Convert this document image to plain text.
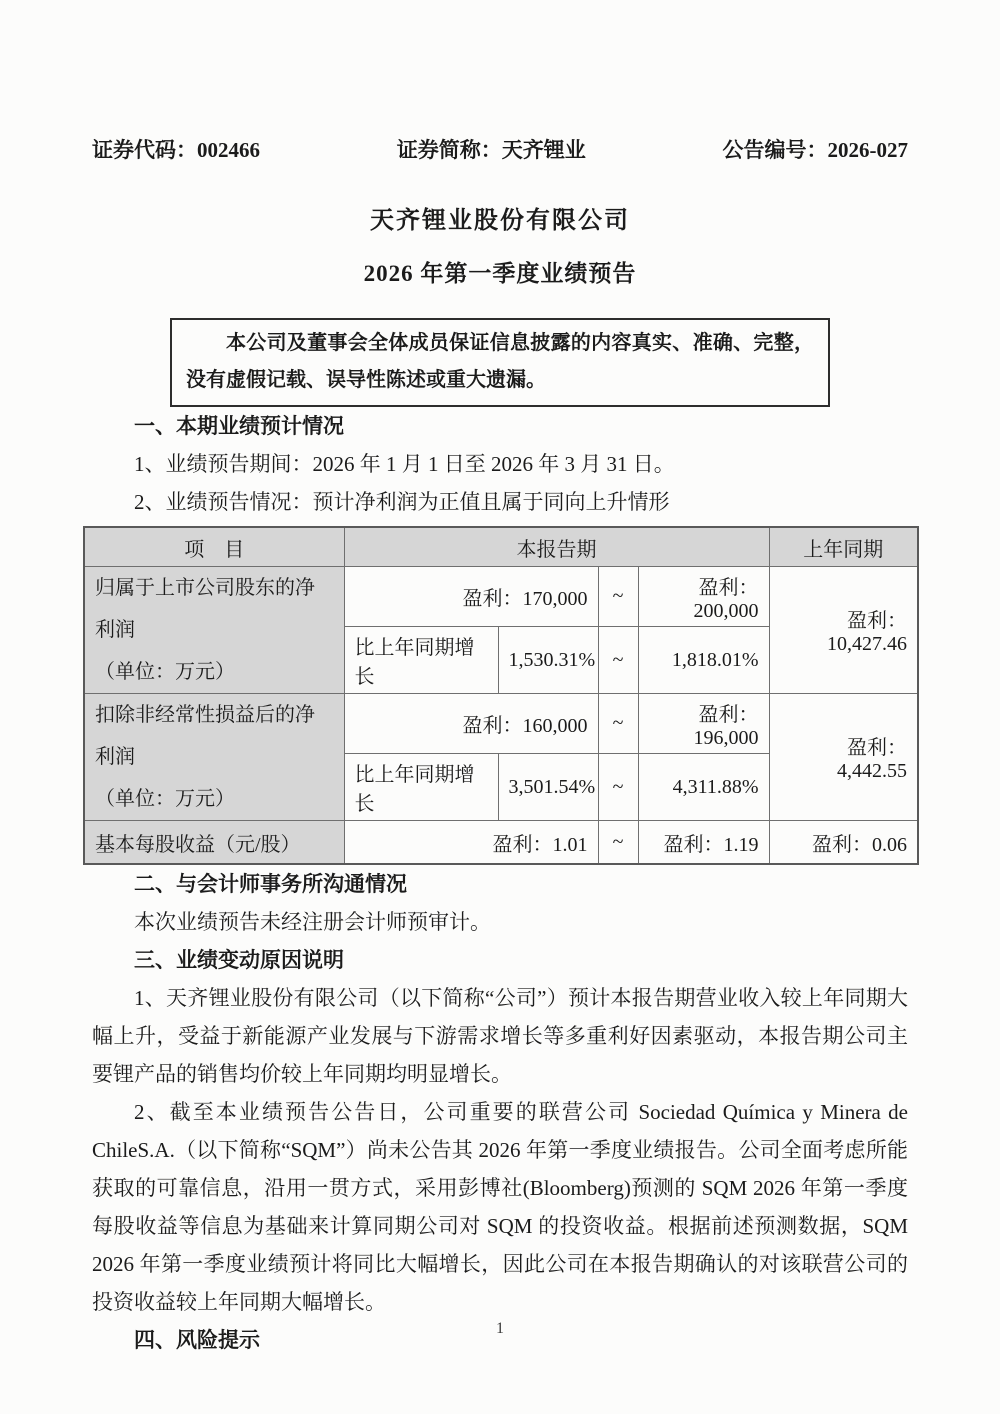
证券代码：002466	证券简称：天齐锂业	公告编号：2026-027
天齐锂业股份有限公司
2026 年第一季度业绩预告
本公司及董事会全体成员保证信息披露的内容真实、准确、完整，没有虚假记载、误导性陈述或重大遗漏。

一、本期业绩预计情况

1、业绩预告期间：2026 年 1 月 1 日至 2026 年 3 月 31 日。

2、业绩预告情况：预计净利润为正值且属于同向上升情形

项　目	本报告期				上年同期

归属于上市公司股东的净利润
（单位：万元）	盈利：170,000		~	盈利：200,000	盈利：10,427.46
	比上年同期增长	1,530.31%	~	1,818.01%	

扣除非经常性损益后的净利润
（单位：万元）	盈利：160,000		~	盈利：196,000	盈利：4,442.55
	比上年同期增长	3,501.54%	~	4,311.88%	
基本每股收益（元/股）	盈利：1.01		~	盈利：1.19	盈利：0.06

二、与会计师事务所沟通情况

本次业绩预告未经注册会计师预审计。

三、业绩变动原因说明

1、天齐锂业股份有限公司（以下简称“公司”）预计本报告期营业收入较上年同期大幅上升，受益于新能源产业发展与下游需求增长等多重利好因素驱动，本报告期公司主要锂产品的销售均价较上年同期均明显增长。

2、截至本业绩预告公告日，公司重要的联营公司 Sociedad Química y Minera de ChileS.A.（以下简称“SQM”）尚未公告其 2026 年第一季度业绩报告。公司全面考虑所能获取的可靠信息，沿用一贯方式，采用彭博社(Bloomberg)预测的 SQM 2026 年第一季度每股收益等信息为基础来计算同期公司对 SQM 的投资收益。根据前述预测数据，SQM 2026 年第一季度业绩预计将同比大幅增长，因此公司在本报告期确认的对该联营公司的投资收益较上年同期大幅增长。

四、风险提示	1
